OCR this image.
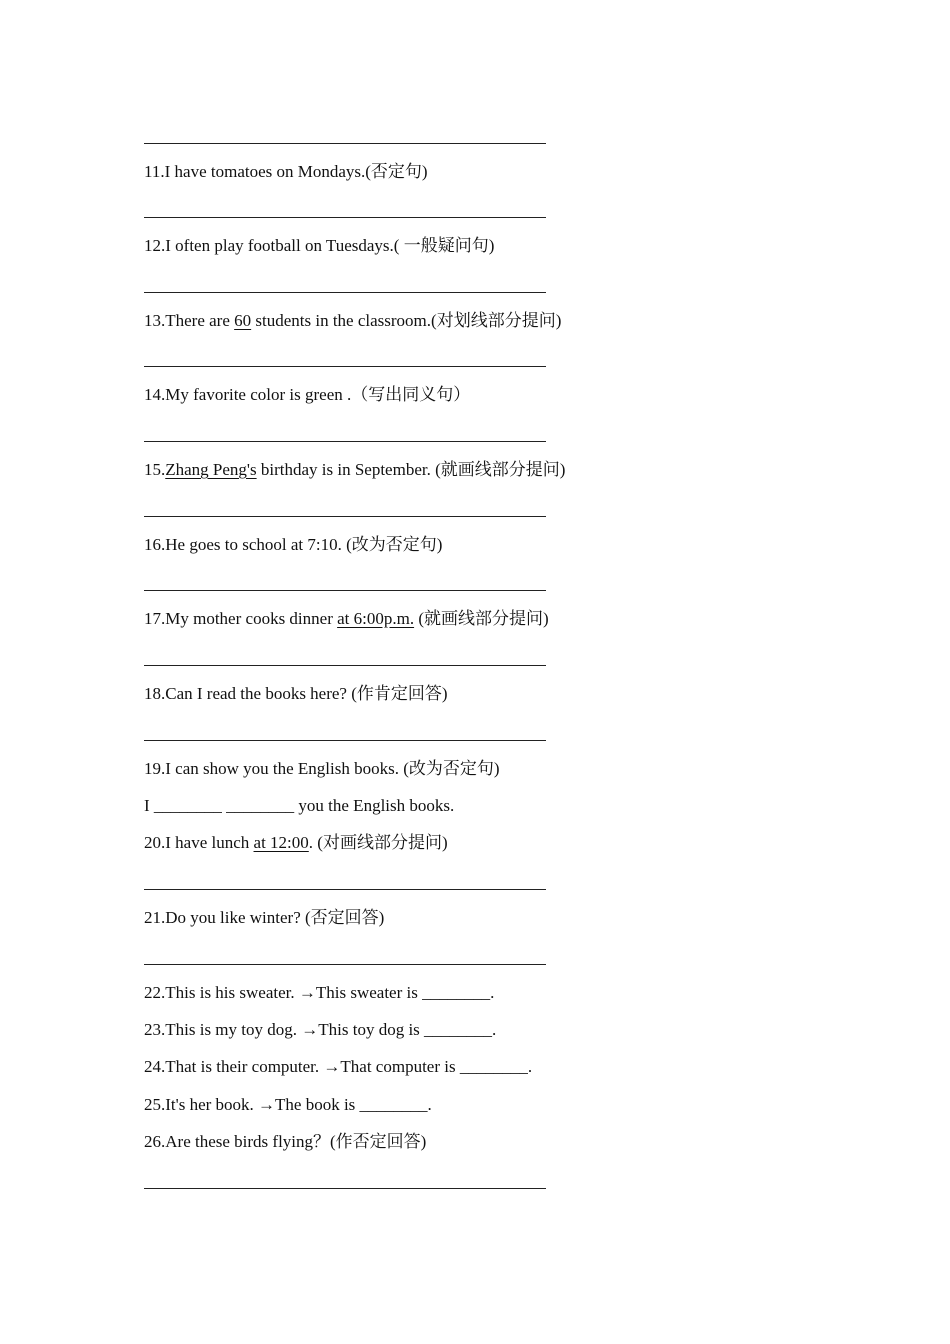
11.I have tomatoes on Mondays.(否定句)
12.I often play football on Tuesdays.( 一般疑问句)
13.There are 60 students in the classroom.(对划线部分提问)
14.My favorite color is green .（写出同义句）
15.Zhang Peng's birthday is in September. (就画线部分提问)
16.He goes to school at 7:10. (改为否定句)
17.My mother cooks dinner at 6:00p.m. (就画线部分提问)
18.Can I read the books here? (作肯定回答)
19.I can show you the English books. (改为否定句)
I ________ ________ you the English books.
20.I have lunch at 12:00. (对画线部分提问)
21.Do you like winter? (否定回答)
22.This is his sweater. →This sweater is ________.
23.This is my toy dog. →This toy dog is ________.
24.That is their computer. →That computer is ________.
25.It's her book. →The book is ________.
26.Are these birds flying？(作否定回答)
